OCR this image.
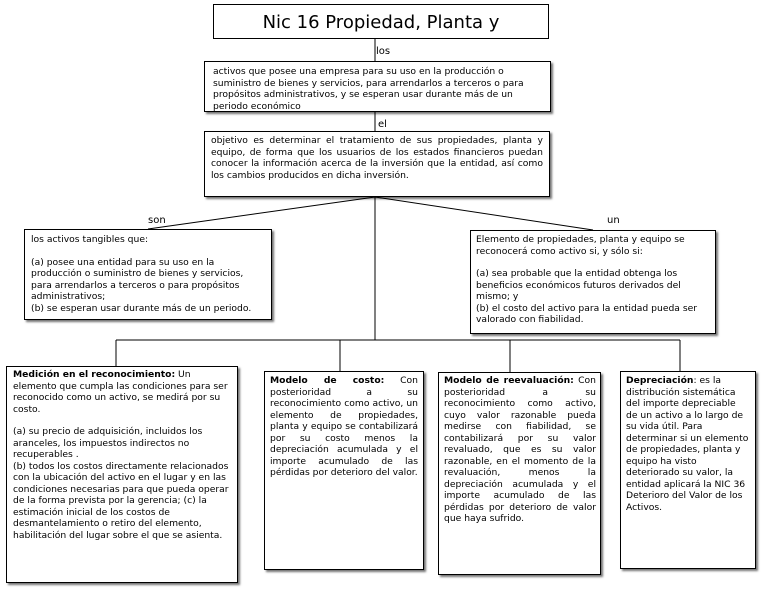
Nic 16 Propiedad, Planta y
los

activos que posee una empresa para su uso en la producción o suministro de bienes y servicios, para arrendarlos a terceros o para propósitos administrativos, y se esperan usar durante más de un periodo económico

el

objetivo es determinar el tratamiento de sus propiedades, planta y equipo, de forma que los usuarios de los estados financieros puedan conocer la información acerca de la inversión que la entidad, así como los cambios producidos en dicha inversión.

son	un

los activos tangibles que:

(a) posee una entidad para su uso en la producción o suministro de bienes y servicios, para arrendarlos a terceros o para propósitos administrativos;

(b) se esperan usar durante más de un periodo.

Elemento de propiedades, planta y equipo se reconocerá como activo si, y sólo si:

(a) sea probable que la entidad obtenga los beneficios económicos futuros derivados del mismo; y

(b) el costo del activo para la entidad pueda ser valorado con fiabilidad.

Medición en el reconocimiento: Un elemento que cumpla las condiciones para ser reconocido como un activo, se medirá por su costo.

(a) su precio de adquisición, incluidos los aranceles, los impuestos indirectos no recuperables .

(b) todos los costos directamente relacionados con la ubicación del activo en el lugar y en las condiciones necesarias para que pueda operar de la forma prevista por la gerencia; (c) la estimación inicial de los costos de desmantelamiento o retiro del elemento, habilitación del lugar sobre el que se asienta.

Modelo de costo: Con posterioridad a su reconocimiento como activo, un elemento de propiedades, planta y equipo se contabilizará por su costo menos la depreciación acumulada y el importe acumulado de las pérdidas por deterioro del valor.

Modelo de reevaluación: Con posterioridad a su reconocimiento como activo, cuyo valor razonable pueda medirse con fiabilidad, se contabilizará por su valor revaluado, que es su valor razonable, en el momento de la revaluación, menos la depreciación acumulada y el importe acumulado de las pérdidas por deterioro de valor que haya sufrido.

Depreciación: es la distribución sistemática del importe depreciable de un activo a lo largo de su vida útil. Para determinar si un elemento de propiedades, planta y equipo ha visto deteriorado su valor, la entidad aplicará la NIC 36 Deterioro del Valor de los Activos.
